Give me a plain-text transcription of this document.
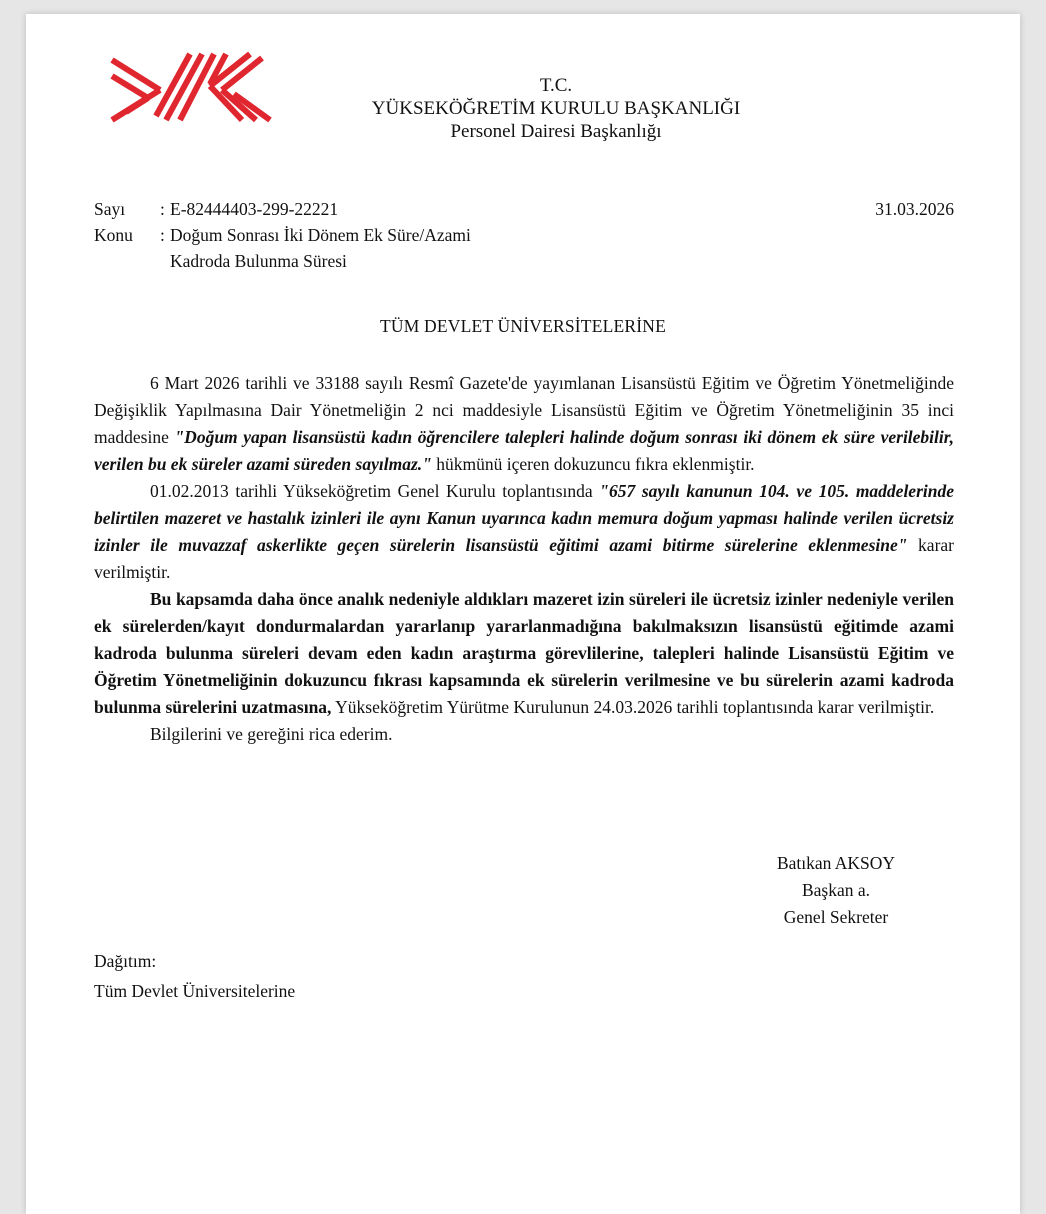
T.C.
YÜKSEKÖĞRETİM KURULU BAŞKANLIĞI
Personel Dairesi Başkanlığı
Sayı	: E-82444403-299-22221	31.03.2026
Konu	: Doğum Sonrası İki Dönem Ek Süre/Azami
Kadroda Bulunma Süresi
TÜM DEVLET ÜNİVERSİTELERİNE

6 Mart 2026 tarihli ve 33188 sayılı Resmî Gazete'de yayımlanan Lisansüstü Eğitim ve Öğretim Yönetmeliğinde Değişiklik Yapılmasına Dair Yönetmeliğin 2 nci maddesiyle Lisansüstü Eğitim ve Öğretim Yönetmeliğinin 35 inci maddesine "Doğum yapan lisansüstü kadın öğrencilere talepleri halinde doğum sonrası iki dönem ek süre verilebilir, verilen bu ek süreler azami süreden sayılmaz." hükmünü içeren dokuzuncu fıkra eklenmiştir.

01.02.2013 tarihli Yükseköğretim Genel Kurulu toplantısında "657 sayılı kanunun 104. ve 105. maddelerinde belirtilen mazeret ve hastalık izinleri ile aynı Kanun uyarınca kadın memura doğum yapması halinde verilen ücretsiz izinler ile muvazzaf askerlikte geçen sürelerin lisansüstü eğitimi azami bitirme sürelerine eklenmesine" karar verilmiştir.

Bu kapsamda daha önce analık nedeniyle aldıkları mazeret izin süreleri ile ücretsiz izinler nedeniyle verilen ek sürelerden/kayıt dondurmalardan yararlanıp yararlanmadığına bakılmaksızın lisansüstü eğitimde azami kadroda bulunma süreleri devam eden kadın araştırma görevlilerine, talepleri halinde Lisansüstü Eğitim ve Öğretim Yönetmeliğinin dokuzuncu fıkrası kapsamında ek sürelerin verilmesine ve bu sürelerin azami kadroda bulunma sürelerini uzatmasına, Yükseköğretim Yürütme Kurulunun 24.03.2026 tarihli toplantısında karar verilmiştir.

Bilgilerini ve gereğini rica ederim.

Batıkan AKSOY
Başkan a.
Genel Sekreter
Dağıtım:
Tüm Devlet Üniversitelerine
